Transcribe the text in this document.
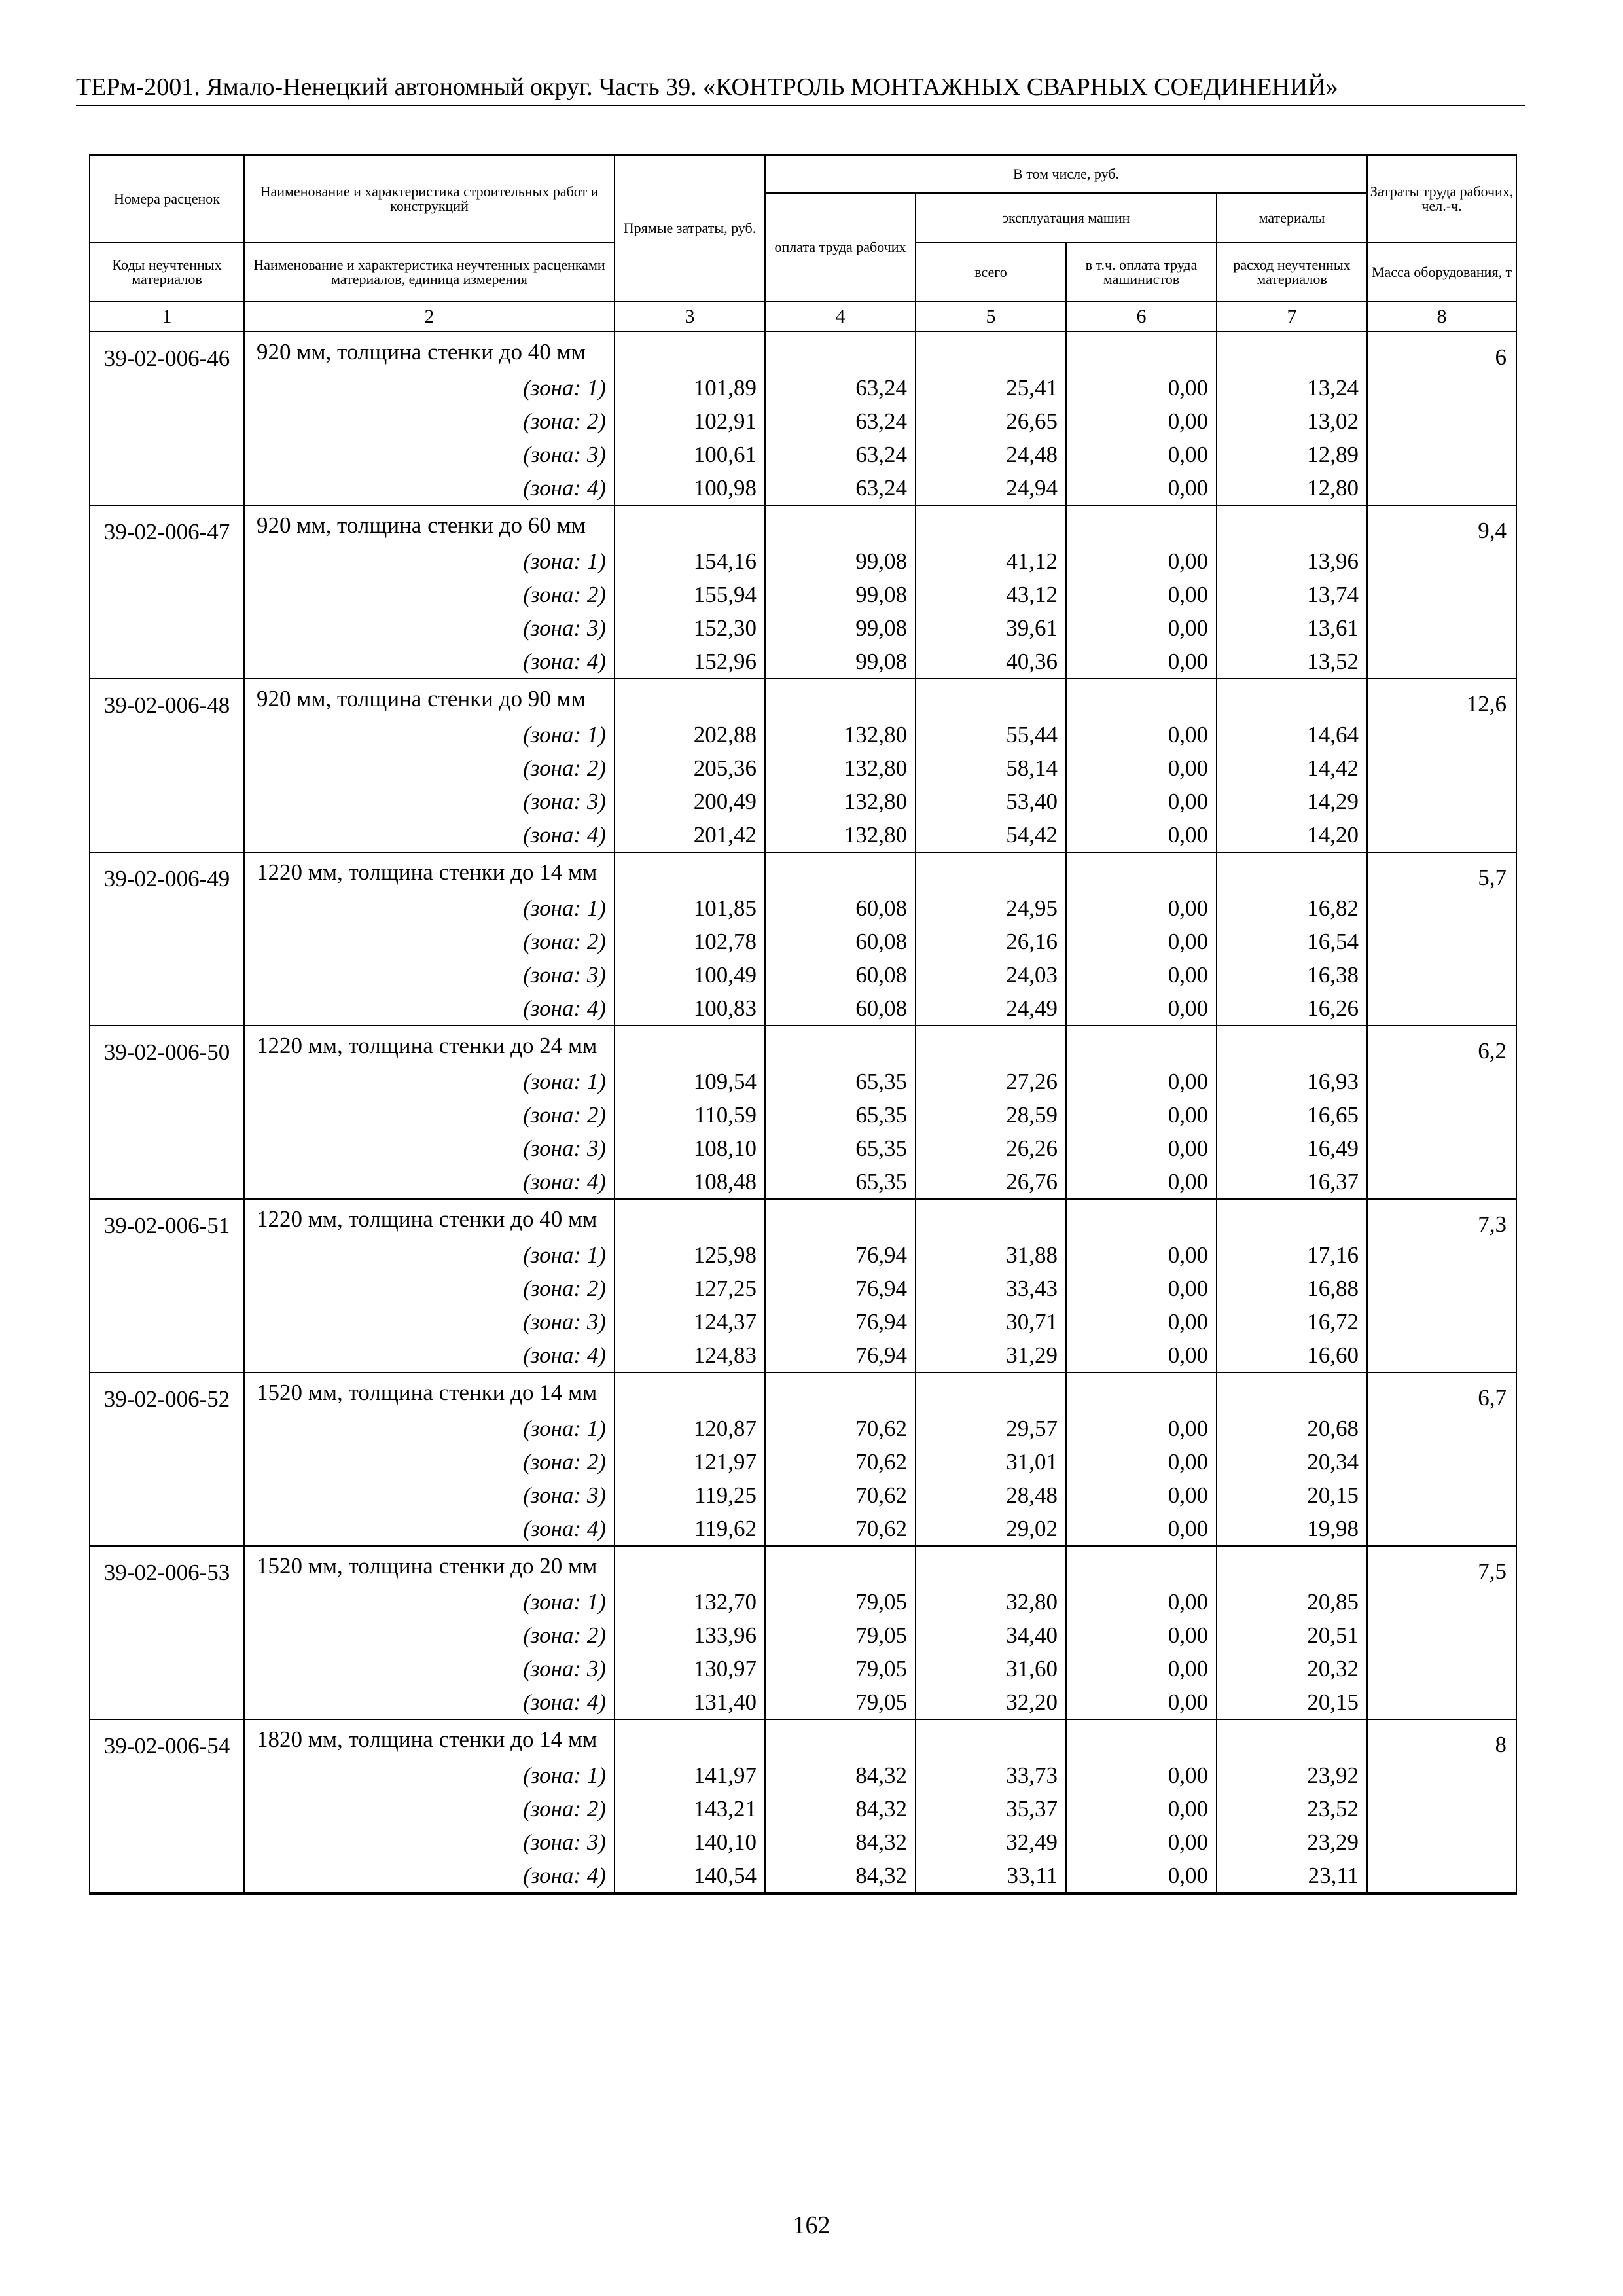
ТЕРм-2001. Ямало-Ненецкий автономный округ. Часть 39. «КОНТРОЛЬ МОНТАЖНЫХ СВАРНЫХ СОЕДИНЕНИЙ»
Номера расценок	Наименование и характеристика строительных работ и конструкций	Прямые затраты, руб.	В том числе, руб.				Затраты труда рабочих, чел.-ч.
			оплата труда рабочих	эксплуатация машин		материалы	
Коды неучтенных материалов	Наименование и характеристика неучтенных расценками материалов, единица измерения			всего	в т.ч. оплата труда машинистов	расход неучтенных материалов	Масса оборудования, т
1	2	3	4	5	6	7	8
39-02-006-46	920 мм, толщина стенки до 40 мм						6
	(зона: 1)	101,89	63,24	25,41	0,00	13,24	
	(зона: 2)	102,91	63,24	26,65	0,00	13,02	
	(зона: 3)	100,61	63,24	24,48	0,00	12,89	
	(зона: 4)	100,98	63,24	24,94	0,00	12,80	
39-02-006-47	920 мм, толщина стенки до 60 мм						9,4
	(зона: 1)	154,16	99,08	41,12	0,00	13,96	
	(зона: 2)	155,94	99,08	43,12	0,00	13,74	
	(зона: 3)	152,30	99,08	39,61	0,00	13,61	
	(зона: 4)	152,96	99,08	40,36	0,00	13,52	
39-02-006-48	920 мм, толщина стенки до 90 мм						12,6
	(зона: 1)	202,88	132,80	55,44	0,00	14,64	
	(зона: 2)	205,36	132,80	58,14	0,00	14,42	
	(зона: 3)	200,49	132,80	53,40	0,00	14,29	
	(зона: 4)	201,42	132,80	54,42	0,00	14,20	
39-02-006-49	1220 мм, толщина стенки до 14 мм						5,7
	(зона: 1)	101,85	60,08	24,95	0,00	16,82	
	(зона: 2)	102,78	60,08	26,16	0,00	16,54	
	(зона: 3)	100,49	60,08	24,03	0,00	16,38	
	(зона: 4)	100,83	60,08	24,49	0,00	16,26	
39-02-006-50	1220 мм, толщина стенки до 24 мм						6,2
	(зона: 1)	109,54	65,35	27,26	0,00	16,93	
	(зона: 2)	110,59	65,35	28,59	0,00	16,65	
	(зона: 3)	108,10	65,35	26,26	0,00	16,49	
	(зона: 4)	108,48	65,35	26,76	0,00	16,37	
39-02-006-51	1220 мм, толщина стенки до 40 мм						7,3
	(зона: 1)	125,98	76,94	31,88	0,00	17,16	
	(зона: 2)	127,25	76,94	33,43	0,00	16,88	
	(зона: 3)	124,37	76,94	30,71	0,00	16,72	
	(зона: 4)	124,83	76,94	31,29	0,00	16,60	
39-02-006-52	1520 мм, толщина стенки до 14 мм						6,7
	(зона: 1)	120,87	70,62	29,57	0,00	20,68	
	(зона: 2)	121,97	70,62	31,01	0,00	20,34	
	(зона: 3)	119,25	70,62	28,48	0,00	20,15	
	(зона: 4)	119,62	70,62	29,02	0,00	19,98	
39-02-006-53	1520 мм, толщина стенки до 20 мм						7,5
	(зона: 1)	132,70	79,05	32,80	0,00	20,85	
	(зона: 2)	133,96	79,05	34,40	0,00	20,51	
	(зона: 3)	130,97	79,05	31,60	0,00	20,32	
	(зона: 4)	131,40	79,05	32,20	0,00	20,15	
39-02-006-54	1820 мм, толщина стенки до 14 мм						8
	(зона: 1)	141,97	84,32	33,73	0,00	23,92	
	(зона: 2)	143,21	84,32	35,37	0,00	23,52	
	(зона: 3)	140,10	84,32	32,49	0,00	23,29	
	(зона: 4)	140,54	84,32	33,11	0,00	23,11	
162
